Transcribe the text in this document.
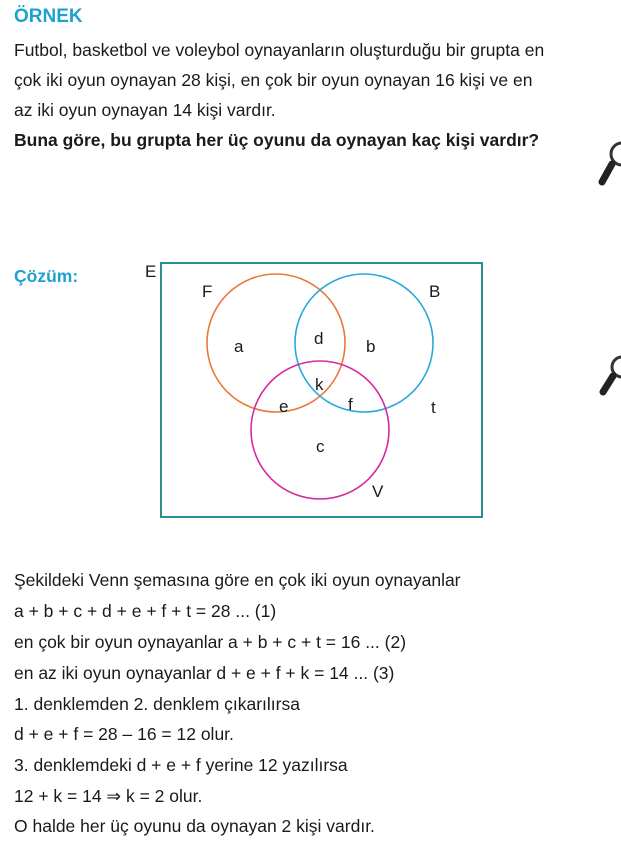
ÖRNEK
Futbol, basketbol ve voleybol oynayanların oluşturduğu bir grupta en
çok iki oyun oynayan 28 kişi, en çok bir oyun oynayan 16 kişi ve en
az iki oyun oynayan 14 kişi vardır.
Buna göre, bu grupta her üç oyunu da oynayan kaç kişi vardır?
Çözüm:	E
F	B
V
a	d	b
k
e	f	t
c
Şekildeki Venn şemasına göre en çok iki oyun oynayanlar
a + b + c + d + e + f + t = 28 ... (1)
en çok bir oyun oynayanlar a + b + c + t = 16 ... (2)
en az iki oyun oynayanlar d + e + f + k = 14 ... (3)
1. denklemden 2. denklem çıkarılırsa
d + e + f = 28 – 16 = 12 olur.
3. denklemdeki d + e + f yerine 12 yazılırsa
12 + k = 14 ⇒ k = 2 olur.
O halde her üç oyunu da oynayan 2 kişi vardır.
